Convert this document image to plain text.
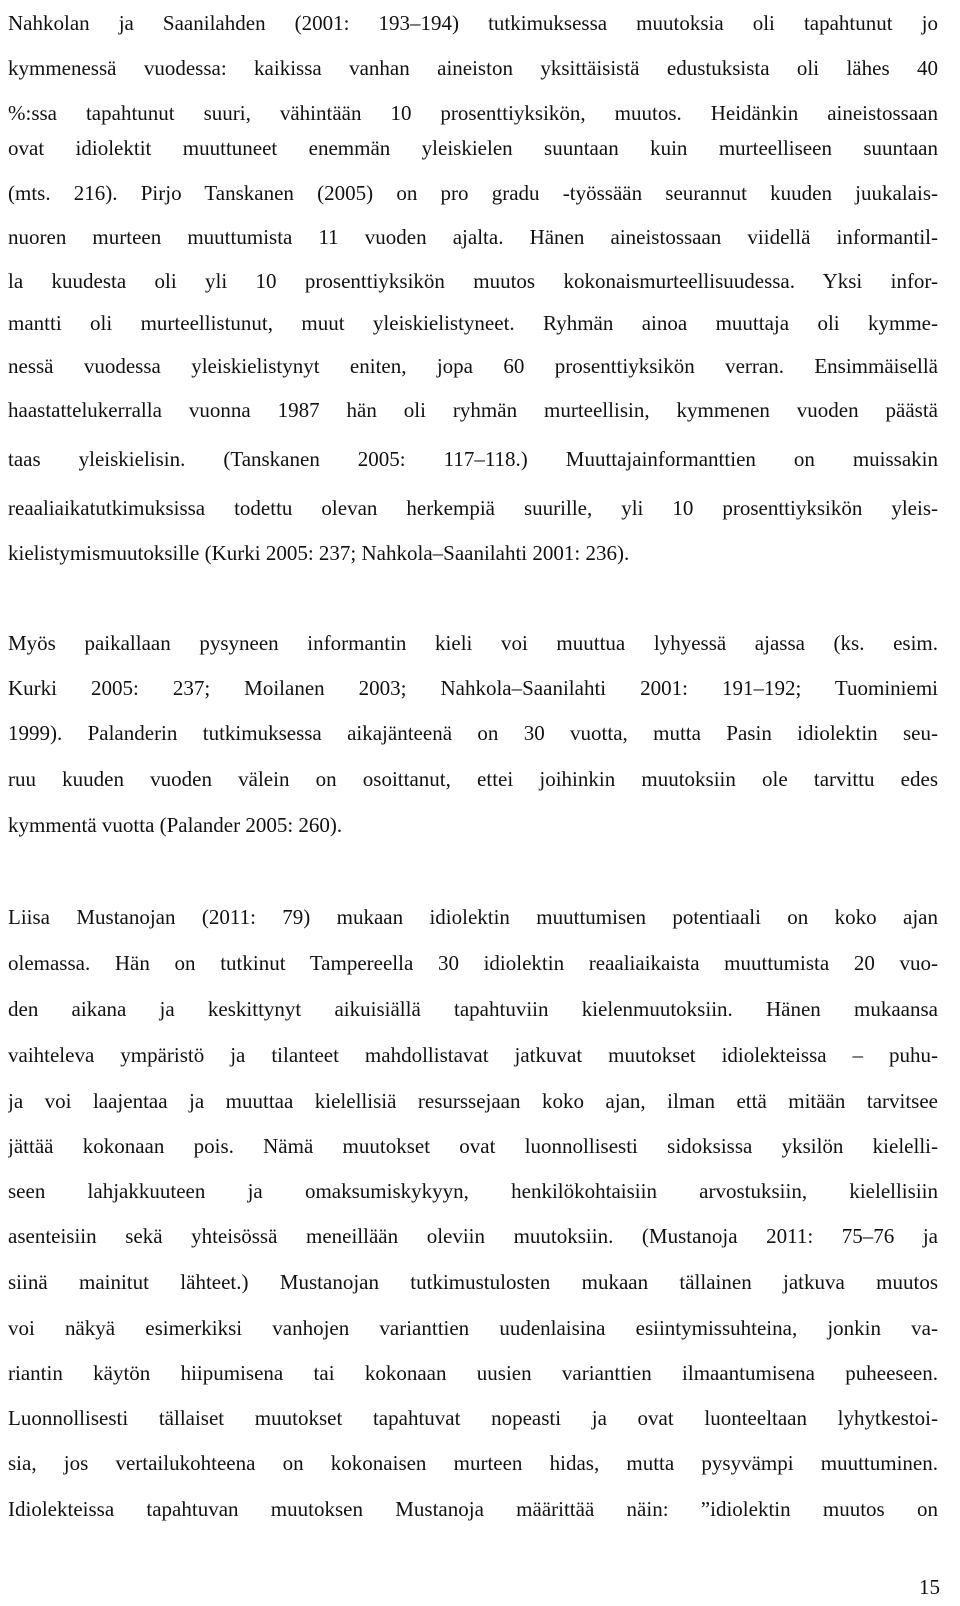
Nahkolan ja Saanilahden (2001: 193–194) tutkimuksessa muutoksia oli tapahtunut jo
kymmenessä vuodessa: kaikissa vanhan aineiston yksittäisistä edustuksista oli lähes 40
%:ssa tapahtunut suuri, vähintään 10 prosenttiyksikön, muutos. Heidänkin aineistossaan
ovat idiolektit muuttuneet enemmän yleiskielen suuntaan kuin murteelliseen suuntaan
(mts. 216). Pirjo Tanskanen (2005) on pro gradu -työssään seurannut kuuden juukalais-
nuoren murteen muuttumista 11 vuoden ajalta. Hänen aineistossaan viidellä informantil-
la kuudesta oli yli 10 prosenttiyksikön muutos kokonaismurteellisuudessa. Yksi infor-
mantti oli murteellistunut, muut yleiskielistyneet. Ryhmän ainoa muuttaja oli kymme-
nessä vuodessa yleiskielistynyt eniten, jopa 60 prosenttiyksikön verran. Ensimmäisellä
haastattelukerralla vuonna 1987 hän oli ryhmän murteellisin, kymmenen vuoden päästä
taas yleiskielisin. (Tanskanen 2005: 117–118.) Muuttajainformanttien on muissakin
reaaliaikatutkimuksissa todettu olevan herkempiä suurille, yli 10 prosenttiyksikön yleis-
kielistymismuutoksille (Kurki 2005: 237; Nahkola–Saanilahti 2001: 236).
Myös paikallaan pysyneen informantin kieli voi muuttua lyhyessä ajassa (ks. esim.
Kurki 2005: 237; Moilanen 2003; Nahkola–Saanilahti 2001: 191–192; Tuominiemi
1999). Palanderin tutkimuksessa aikajänteenä on 30 vuotta, mutta Pasin idiolektin seu-
ruu kuuden vuoden välein on osoittanut, ettei joihinkin muutoksiin ole tarvittu edes
kymmentä vuotta (Palander 2005: 260).
Liisa Mustanojan (2011: 79) mukaan idiolektin muuttumisen potentiaali on koko ajan
olemassa. Hän on tutkinut Tampereella 30 idiolektin reaaliaikaista muuttumista 20 vuo-
den aikana ja keskittynyt aikuisiällä tapahtuviin kielenmuutoksiin. Hänen mukaansa
vaihteleva ympäristö ja tilanteet mahdollistavat jatkuvat muutokset idiolekteissa – puhu-
ja voi laajentaa ja muuttaa kielellisiä resurssejaan koko ajan, ilman että mitään tarvitsee
jättää kokonaan pois. Nämä muutokset ovat luonnollisesti sidoksissa yksilön kielelli-
seen lahjakkuuteen ja omaksumiskykyyn, henkilökohtaisiin arvostuksiin, kielellisiin
asenteisiin sekä yhteisössä meneillään oleviin muutoksiin. (Mustanoja 2011: 75–76 ja
siinä mainitut lähteet.) Mustanojan tutkimustulosten mukaan tällainen jatkuva muutos
voi näkyä esimerkiksi vanhojen varianttien uudenlaisina esiintymissuhteina, jonkin va-
riantin käytön hiipumisena tai kokonaan uusien varianttien ilmaantumisena puheeseen.
Luonnollisesti tällaiset muutokset tapahtuvat nopeasti ja ovat luonteeltaan lyhytkestoi-
sia, jos vertailukohteena on kokonaisen murteen hidas, mutta pysyvämpi muuttuminen.
Idiolekteissa tapahtuvan muutoksen Mustanoja määrittää näin: ”idiolektin muutos on
15
